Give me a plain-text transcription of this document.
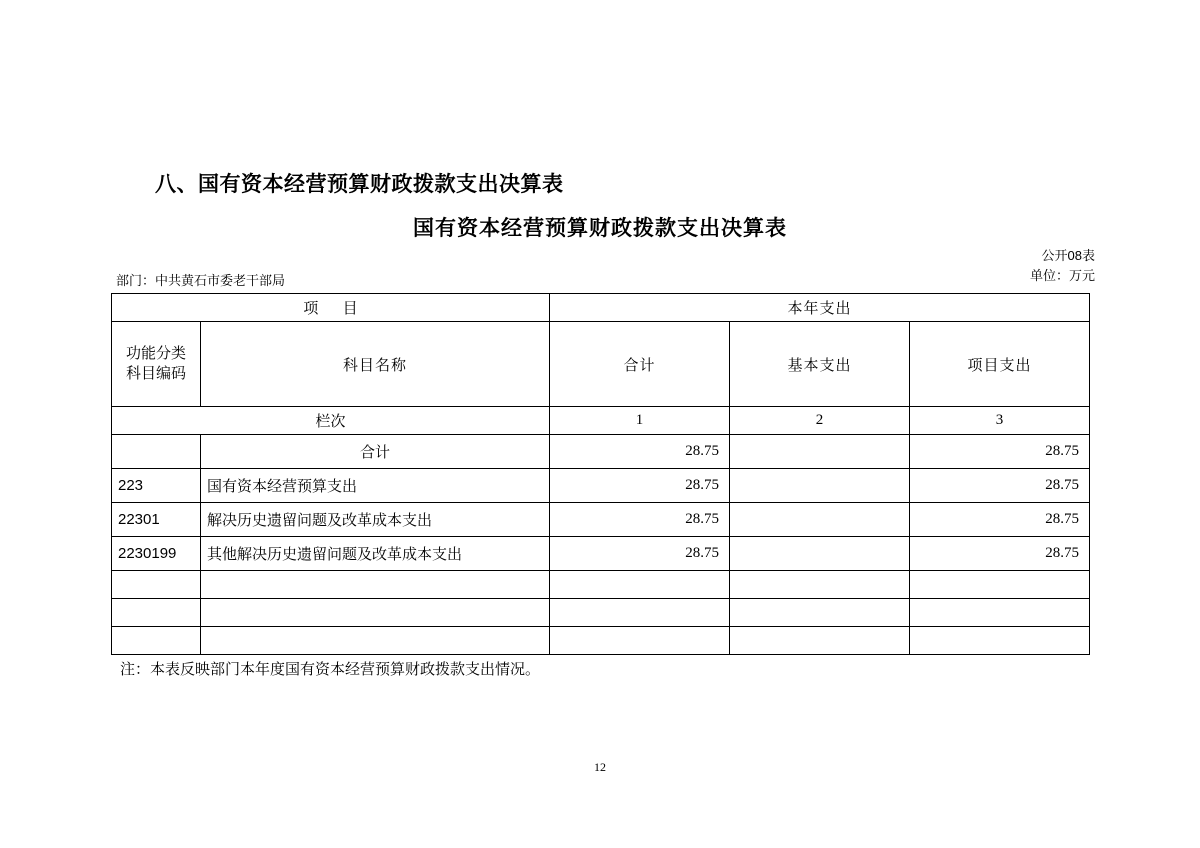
八、国有资本经营预算财政拨款支出决算表
国有资本经营预算财政拨款支出决算表
公开08表
单位：万元
部门：中共黄石市委老干部局
项 目		本年支出		

功能分类
科目编码	科目名称	合计	基本支出	项目支出
栏次		1	2	3
	合计	28.75		28.75
223	国有资本经营预算支出	28.75		28.75
22301	解决历史遗留问题及改革成本支出	28.75		28.75
2230199	其他解决历史遗留问题及改革成本支出	28.75		28.75

注：本表反映部门本年度国有资本经营预算财政拨款支出情况。
12
